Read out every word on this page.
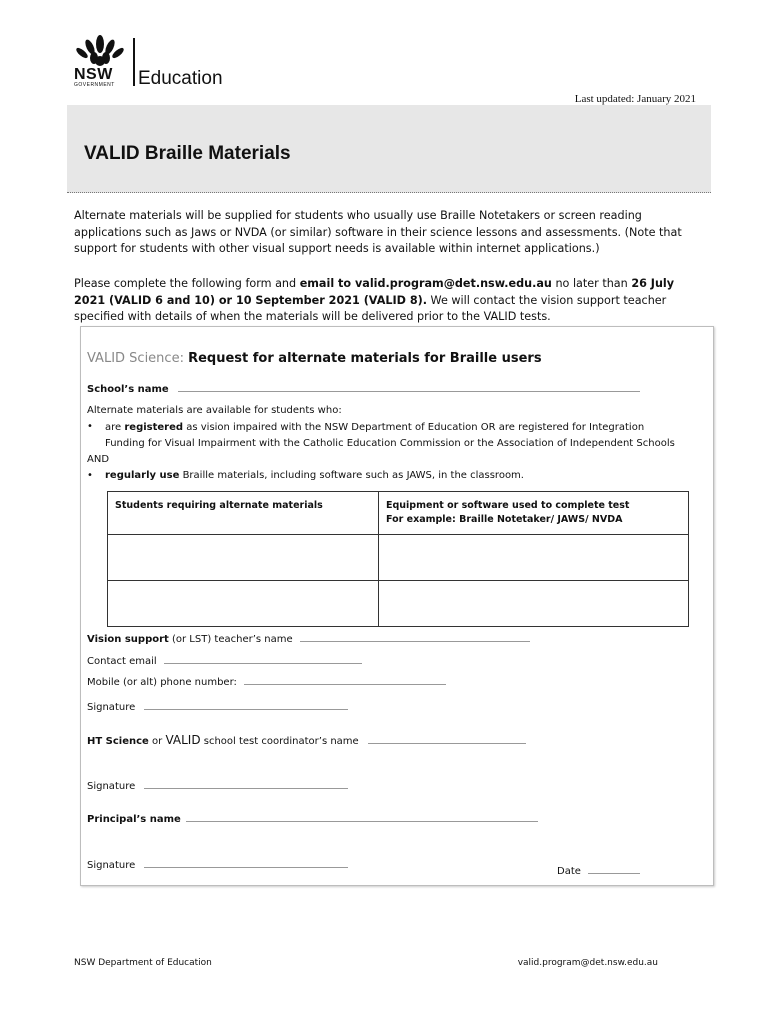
NSW
GOVERNMENT Education
Last updated: January 2021
VALID Braille Materials
Alternate materials will be supplied for students who usually use Braille Notetakers or screen reading applications such as Jaws or NVDA (or similar) software in their science lessons and assessments. (Note that support for students with other visual support needs is available within internet applications.)
Please complete the following form and email to valid.program@det.nsw.edu.au no later than 26 July 2021 (VALID 6 and 10) or 10 September 2021 (VALID 8). We will contact the vision support teacher specified with details of when the materials will be delivered prior to the VALID tests.
VALID Science: Request for alternate materials for Braille users
School’s name
Alternate materials are available for students who:
•	are registered as vision impaired with the NSW Department of Education OR are registered for Integration Funding for Visual Impairment with the Catholic Education Commission or the Association of Independent Schools
AND
•	regularly use Braille materials, including software such as JAWS, in the classroom.
Students requiring alternate materials	Equipment or software used to complete test
For example: Braille Notetaker/ JAWS/ NVDA

Vision support (or LST) teacher’s name
Contact email
Mobile (or alt) phone number:
Signature
HT Science or VALID school test coordinator’s name
Signature
Principal’s name
Signature
Date
NSW Department of Education	valid.program@det.nsw.edu.au
